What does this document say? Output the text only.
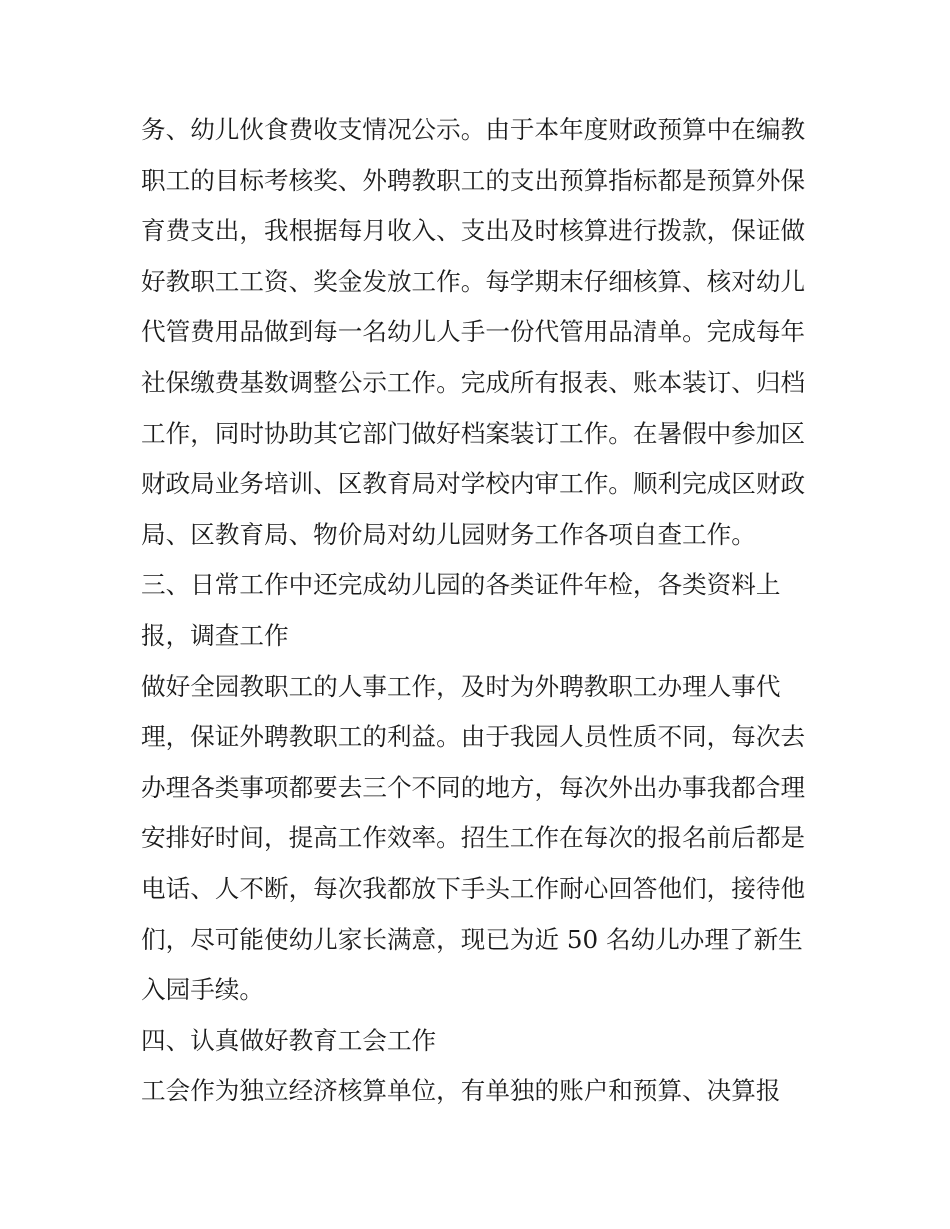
务、幼儿伙食费收支情况公示。由于本年度财政预算中在编教
职工的目标考核奖、外聘教职工的支出预算指标都是预算外保
育费支出，我根据每月收入、支出及时核算进行拨款，保证做
好教职工工资、奖金发放工作。每学期末仔细核算、核对幼儿
代管费用品做到每一名幼儿人手一份代管用品清单。完成每年
社保缴费基数调整公示工作。完成所有报表、账本装订、归档
工作，同时协助其它部门做好档案装订工作。在暑假中参加区
财政局业务培训、区教育局对学校内审工作。顺利完成区财政
局、区教育局、物价局对幼儿园财务工作各项自查工作。
三、日常工作中还完成幼儿园的各类证件年检，各类资料上
报，调查工作
做好全园教职工的人事工作，及时为外聘教职工办理人事代
理，保证外聘教职工的利益。由于我园人员性质不同，每次去
办理各类事项都要去三个不同的地方，每次外出办事我都合理
安排好时间，提高工作效率。招生工作在每次的报名前后都是
电话、人不断，每次我都放下手头工作耐心回答他们，接待他
们，尽可能使幼儿家长满意，现已为近 50 名幼儿办理了新生
入园手续。
四、认真做好教育工会工作
工会作为独立经济核算单位，有单独的账户和预算、决算报
